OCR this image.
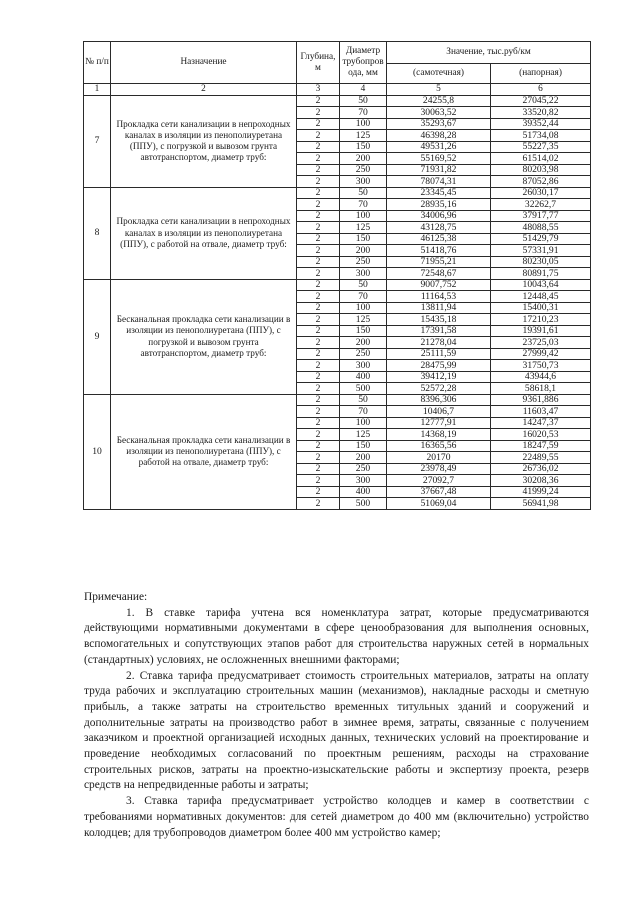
№ п/п	Назначение	Глубина, м	Диаметр трубопров ода, мм	Значение, тыс.руб/км	
				(самотечная)	(напорная)
1	2	3	4	5	6
7	Прокладка сети канализации в непроходных каналах в изоляции из пенополиуретана (ППУ), с погрузкой и вывозом грунта автотранспортом, диаметр труб:	2	50	24255,8	27045,22
		2	70	30063,52	33520,82
		2	100	35293,67	39352,44
		2	125	46398,28	51734,08
		2	150	49531,26	55227,35
		2	200	55169,52	61514,02
		2	250	71931,82	80203,98
		2	300	78074,31	87052,86
8	Прокладка сети канализации в непроходных каналах в изоляции из пенополиуретана (ППУ), с работой на отвале, диаметр труб:	2	50	23345,45	26030,17
		2	70	28935,16	32262,7
		2	100	34006,96	37917,77
		2	125	43128,75	48088,55
		2	150	46125,38	51429,79
		2	200	51418,76	57331,91
		2	250	71955,21	80230,05
		2	300	72548,67	80891,75
9	Бесканальная прокладка сети канализации в изоляции из пенополиуретана (ППУ), с погрузкой и вывозом грунта автотранспортом, диаметр труб:	2	50	9007,752	10043,64
		2	70	11164,53	12448,45
		2	100	13811,94	15400,31
		2	125	15435,18	17210,23
		2	150	17391,58	19391,61
		2	200	21278,04	23725,03
		2	250	25111,59	27999,42
		2	300	28475,99	31750,73
		2	400	39412,19	43944,6
		2	500	52572,28	58618,1
10	Бесканальная прокладка сети канализации в изоляции из пенополиуретана (ППУ), с работой на отвале, диаметр труб:	2	50	8396,306	9361,886
		2	70	10406,7	11603,47
		2	100	12777,91	14247,37
		2	125	14368,19	16020,53
		2	150	16365,56	18247,59
		2	200	20170	22489,55
		2	250	23978,49	26736,02
		2	300	27092,7	30208,36
		2	400	37667,48	41999,24
		2	500	51069,04	56941,98

Примечание:

1. В ставке тарифа учтена вся номенклатура затрат, которые предусматриваются действующими нормативными документами в сфере ценообразования для выполнения основных, вспомогательных и сопутствующих этапов работ для строительства наружных сетей в нормальных (стандартных) условиях, не осложненных внешними факторами;

2. Ставка тарифа предусматривает стоимость строительных материалов, затраты на оплату труда рабочих и эксплуатацию строительных машин (механизмов), накладные расходы и сметную прибыль, а также затраты на строительство временных титульных зданий и сооружений и дополнительные затраты на производство работ в зимнее время, затраты, связанные с получением заказчиком и проектной организацией исходных данных, технических условий на проектирование и проведение необходимых согласований по проектным решениям, расходы на страхование строительных рисков, затраты на проектно-изыскательские работы и экспертизу проекта, резерв средств на непредвиденные работы и затраты;

3. Ставка тарифа предусматривает устройство колодцев и камер в соответствии с требованиями нормативных документов: для сетей диаметром до 400 мм (включительно) устройство колодцев; для трубопроводов диаметром более 400 мм устройство камер;
